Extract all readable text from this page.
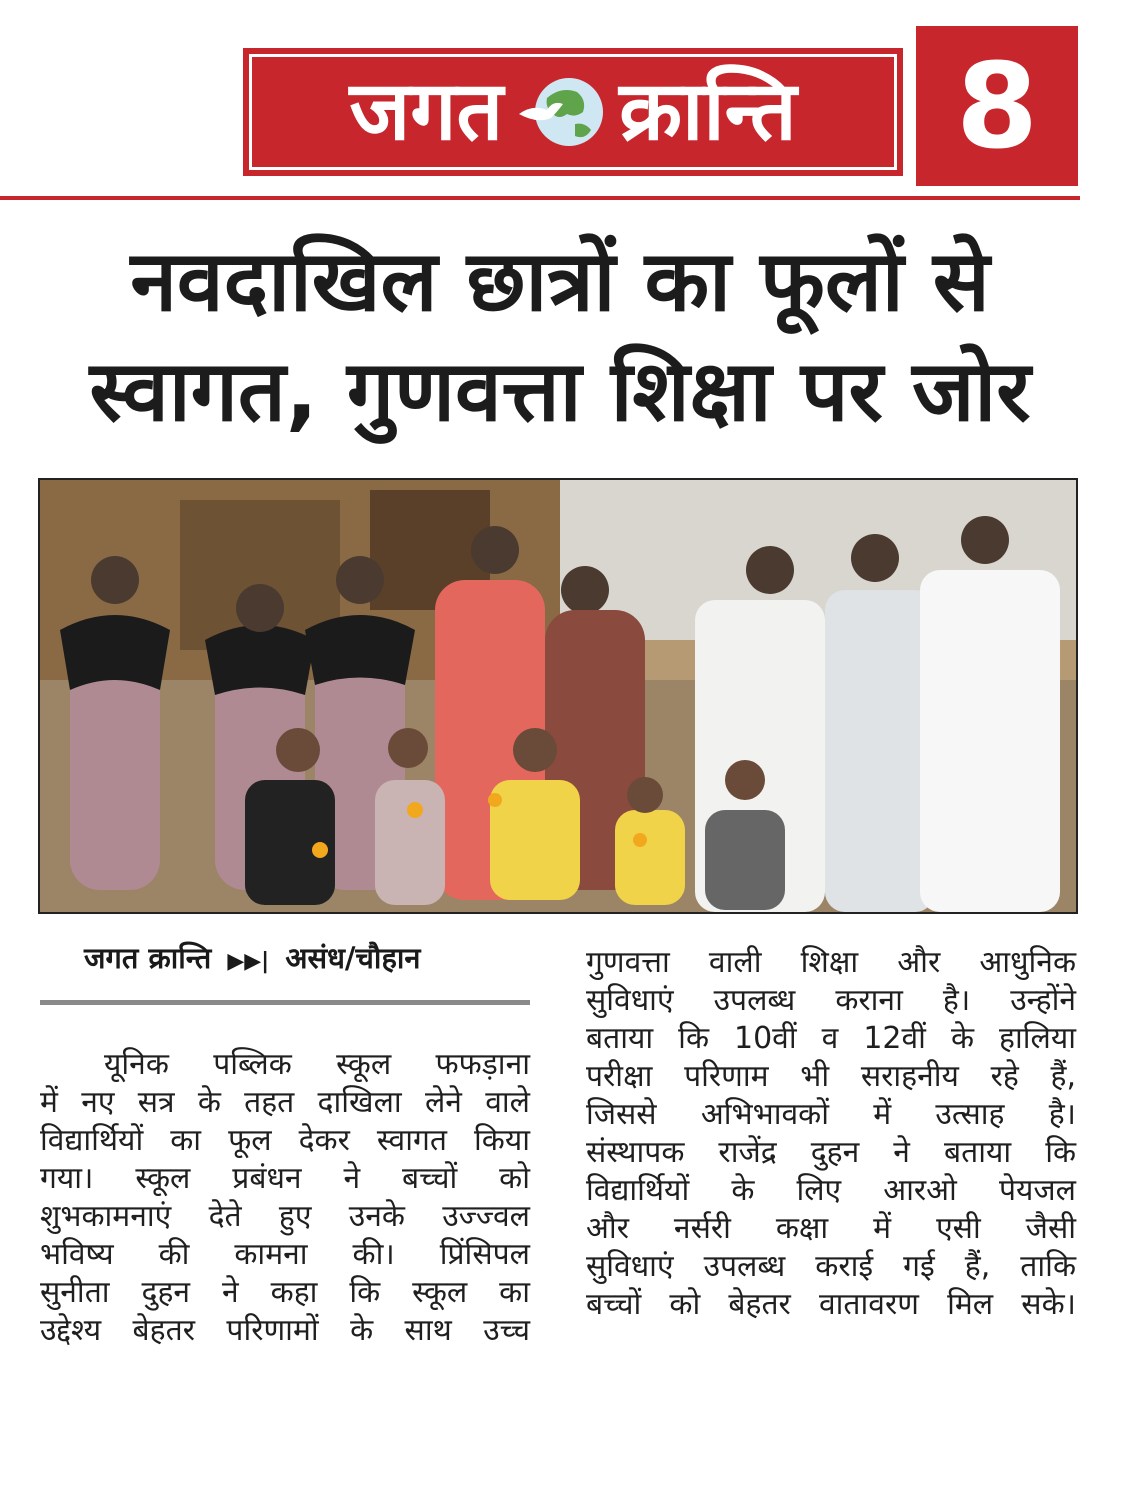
जगत क्रान्ति	8
नवदाखिल छात्रों का फूलों से
स्वागत, गुणवत्ता शिक्षा पर जोर
जगत क्रान्ति ▶▶| असंध/चौहान
यूनिक पब्लिक स्कूल फफड़ाना
में नए सत्र के तहत दाखिला लेने वाले
विद्यार्थियों का फूल देकर स्वागत किया
गया। स्कूल प्रबंधन ने बच्चों को
शुभकामनाएं देते हुए उनके उज्ज्वल
भविष्य की कामना की। प्रिंसिपल
सुनीता दुहन ने कहा कि स्कूल का
उद्देश्य बेहतर परिणामों के साथ उच्च
गुणवत्ता वाली शिक्षा और आधुनिक
सुविधाएं उपलब्ध कराना है। उन्होंने
बताया कि 10वीं व 12वीं के हालिया
परीक्षा परिणाम भी सराहनीय रहे हैं,
जिससे अभिभावकों में उत्साह है।
संस्थापक राजेंद्र दुहन ने बताया कि
विद्यार्थियों के लिए आरओ पेयजल
और नर्सरी कक्षा में एसी जैसी
सुविधाएं उपलब्ध कराई गई हैं, ताकि
बच्चों को बेहतर वातावरण मिल सके।
